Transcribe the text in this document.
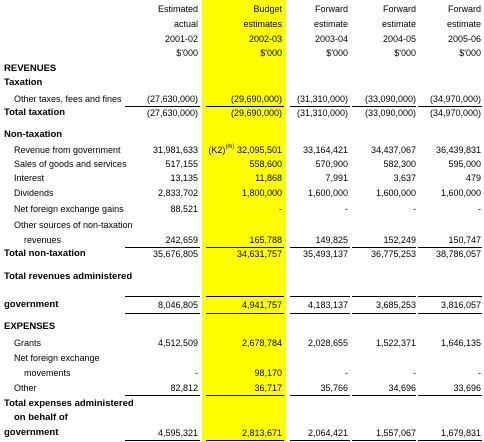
Estimated	Budget	Forward	Forward	Forward
actual	estimates	estimate	estimate	estimate
2001-02	2002-03	2003-04	2004-05	2005-06
$'000	$'000	$'000	$'000	$'000
REVENUES
Taxation
Other taxes, fees and fines	(27,630,000)	(29,690,000)	(31,310,000)	(33,090,000)	(34,970,000)
Total taxation	(27,630,000)	(29,690,000)	(31,310,000)	(33,090,000)	(34,970,000)
Non-taxation
Revenue from government	31,981,633	$(K2)^{(m)}$ 32,095,501	33,164,421	34,437,067	36,439,831
Sales of goods and services	517,155	558,600	570,900	582,300	595,000
Interest	13,135	11,868	7,991	3,637	479
Dividends	2,833,702	1,800,000	1,600,000	1,600,000	1,600,000
Net foreign exchange gains	88,521	-	-	-	-
Other sources of non-taxation
revenues	242,659	165,788	149,825	152,249	150,747
Total non-taxation	35,676,805	34,631,757	35,493,137	36,775,253	38,786,057
Total revenues administered
government	8,046,805	4,941,757	4,183,137	3,685,253	3,816,057
EXPENSES
Grants	4,512,509	2,678,784	2,028,655	1,522,371	1,646,135
Net foreign exchange
movements	-	98,170	-	-	-
Other	82,812	36,717	35,766	34,696	33,696
Total expenses administered
on behalf of
government	4,595,321	2,813,671	2,064,421	1,557,067	1,679,831
